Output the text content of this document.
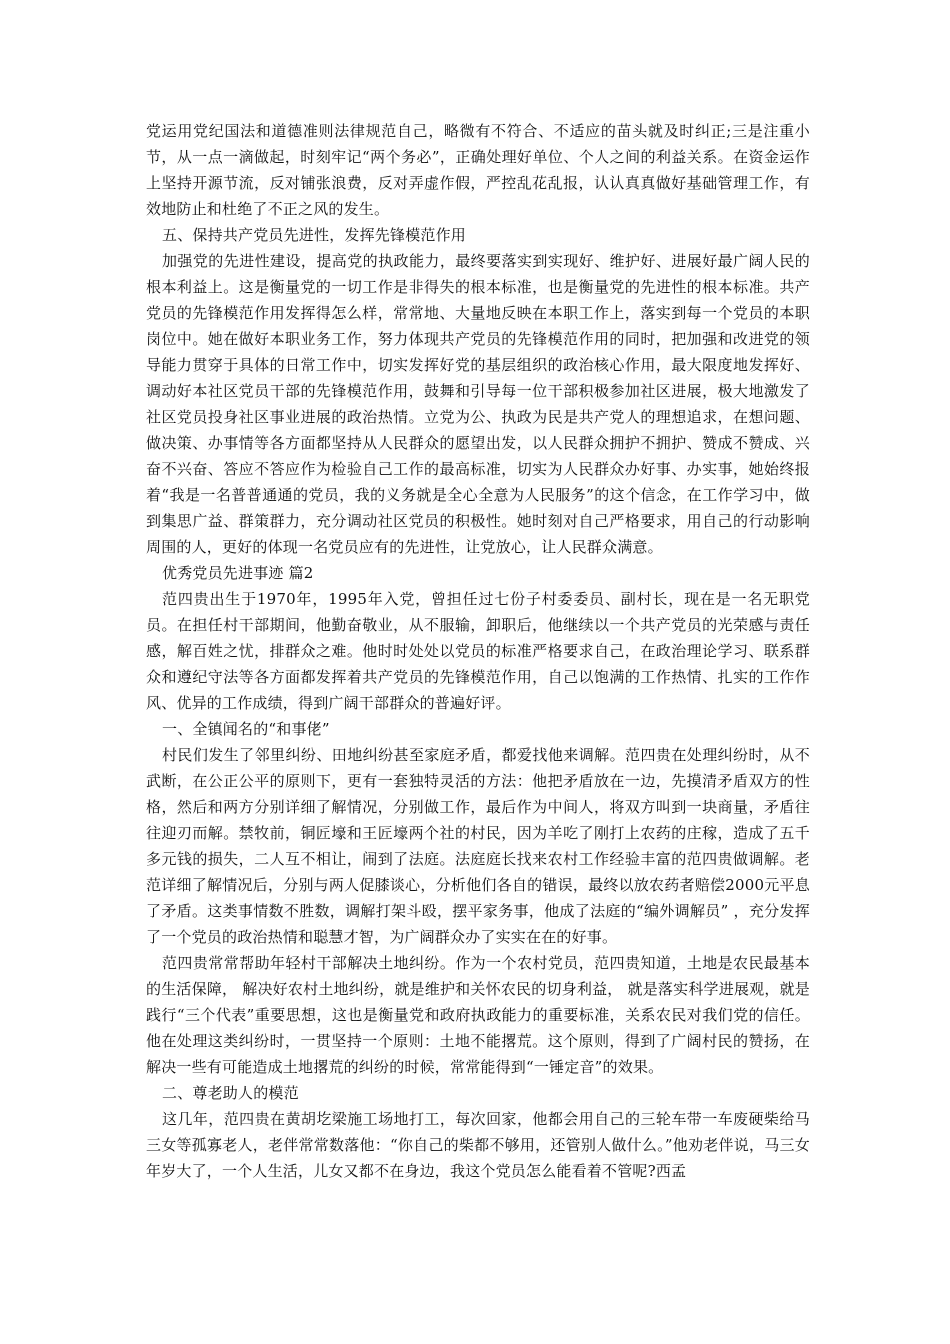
党运用党纪国法和道德准则法律规范自己，略微有不符合、不适应的苗头就及时纠正;三是注重小节，从一点一滴做起，时刻牢记“两个务必”，正确处理好单位、个人之间的利益关系。在资金运作上坚持开源节流，反对铺张浪费，反对弄虚作假，严控乱花乱报，认认真真做好基础管理工作，有效地防止和杜绝了不正之风的发生。

五、保持共产党员先进性，发挥先锋模范作用

加强党的先进性建设，提高党的执政能力，最终要落实到实现好、维护好、进展好最广阔人民的根本利益上。这是衡量党的一切工作是非得失的根本标准，也是衡量党的先进性的根本标准。共产党员的先锋模范作用发挥得怎么样，常常地、大量地反映在本职工作上，落实到每一个党员的本职岗位中。她在做好本职业务工作，努力体现共产党员的先锋模范作用的同时，把加强和改进党的领导能力贯穿于具体的日常工作中，切实发挥好党的基层组织的政治核心作用，最大限度地发挥好、调动好本社区党员干部的先锋模范作用，鼓舞和引导每一位干部积极参加社区进展，极大地激发了社区党员投身社区事业进展的政治热情。立党为公、执政为民是共产党人的理想追求，在想问题、做决策、办事情等各方面都坚持从人民群众的愿望出发，以人民群众拥护不拥护、赞成不赞成、兴奋不兴奋、答应不答应作为检验自己工作的最高标准，切实为人民群众办好事、办实事，她始终报着“我是一名普普通通的党员，我的义务就是全心全意为人民服务”的这个信念，在工作学习中，做到集思广益、群策群力，充分调动社区党员的积极性。她时刻对自己严格要求，用自己的行动影响周围的人，更好的体现一名党员应有的先进性，让党放心，让人民群众满意。

优秀党员先进事迹 篇2

范四贵出生于1970年，1995年入党，曾担任过七份子村委委员、副村长，现在是一名无职党员。在担任村干部期间，他勤奋敬业，从不服输，卸职后，他继续以一个共产党员的光荣感与责任感，解百姓之忧，排群众之难。他时时处处以党员的标准严格要求自己，在政治理论学习、联系群众和遵纪守法等各方面都发挥着共产党员的先锋模范作用，自己以饱满的工作热情、扎实的工作作风、优异的工作成绩，得到广阔干部群众的普遍好评。

一、全镇闻名的“和事佬”

村民们发生了邻里纠纷、田地纠纷甚至家庭矛盾，都爱找他来调解。范四贵在处理纠纷时，从不武断，在公正公平的原则下，更有一套独特灵活的方法：他把矛盾放在一边，先摸清矛盾双方的性格，然后和两方分别详细了解情况，分别做工作，最后作为中间人，将双方叫到一块商量，矛盾往往迎刃而解。禁牧前，铜匠壕和王匠壕两个社的村民，因为羊吃了刚打上农药的庄稼，造成了五千多元钱的损失，二人互不相让，闹到了法庭。法庭庭长找来农村工作经验丰富的范四贵做调解。老范详细了解情况后，分别与两人促膝谈心，分析他们各自的错误，最终以放农药者赔偿2000元平息了矛盾。这类事情数不胜数，调解打架斗殴，摆平家务事，他成了法庭的“编外调解员” ，充分发挥了一个党员的政治热情和聪慧才智，为广阔群众办了实实在在的好事。

范四贵常常帮助年轻村干部解决土地纠纷。作为一个农村党员，范四贵知道，土地是农民最基本的生活保障， 解决好农村土地纠纷，就是维护和关怀农民的切身利益， 就是落实科学进展观，就是践行“三个代表”重要思想，这也是衡量党和政府执政能力的重要标准，关系农民对我们党的信任。他在处理这类纠纷时，一贯坚持一个原则：土地不能撂荒。这个原则，得到了广阔村民的赞扬，在解决一些有可能造成土地撂荒的纠纷的时候，常常能得到“一锤定音”的效果。

二、尊老助人的模范

这几年，范四贵在黄胡圪梁施工场地打工，每次回家，他都会用自己的三轮车带一车废硬柴给马三女等孤寡老人，老伴常常数落他：“你自己的柴都不够用，还管别人做什么。”他劝老伴说，马三女年岁大了，一个人生活，儿女又都不在身边，我这个党员怎么能看着不管呢?西孟
